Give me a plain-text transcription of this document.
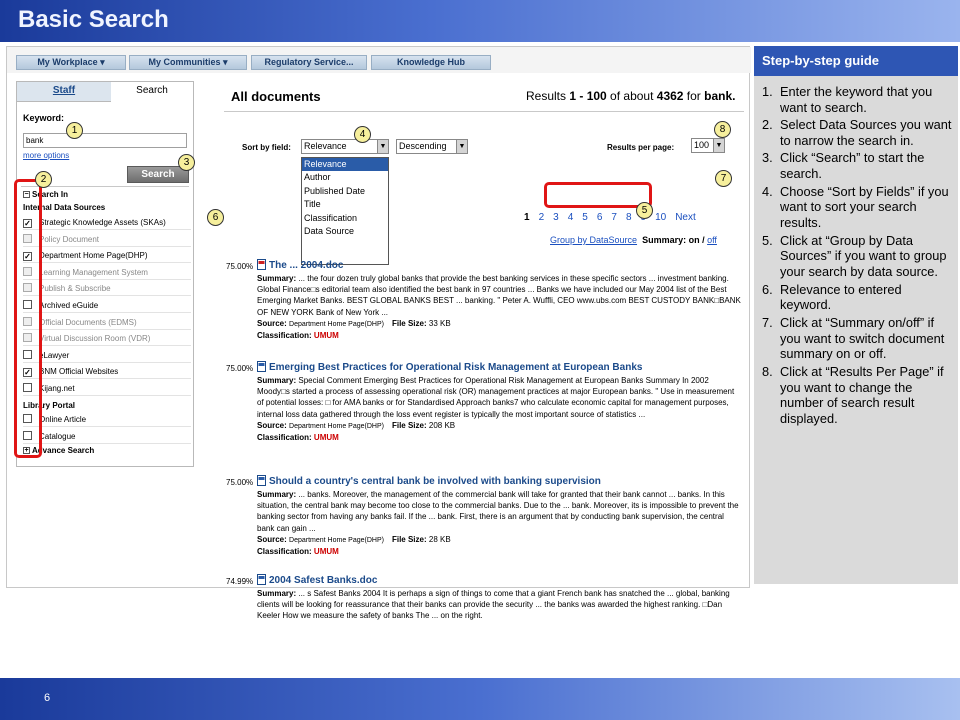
Basic Search
My Workplace ▾	My Communities ▾	Regulatory Service...	Knowledge Hub
Staff	Search
Keyword:
bank
more options
Search
− Search In
Internal Data Sources
✓ Strategic Knowledge Assets (SKAs)
Policy Document
✓ Department Home Page(DHP)
Learning Management System
Publish & Subscribe
Archived eGuide
Official Documents (EDMS)
Virtual Discussion Room (VDR)
eLawyer
✓ BNM Official Websites
Kijang.net
Library Portal
Online Article
Catalogue
+ Advance Search
All documents	Results 1 - 100 of about 4362 for bank.
Sort by field:	Relevance	▼	Descending	▼	Results per page:	100 ▼
Relevance
Author
Published Date
Title
Classification
Data Source
1 2 3 4 5 6 7 8 10 Next
Group by DataSource Summary: on / off
75.00%	The ... 2004.doc
Summary: ... the four dozen truly global banks that provide the best banking services in these specific sectors ... investment banking. Global Finance□s editorial team also identified the best bank in 97 countries ... Banks we have included our May 2004 list of the Best Emerging Market Banks. BEST GLOBAL BANKS BEST ... banking. " Peter A. Wuffli, CEO www.ubs.com BEST CUSTODY BANK□BANK OF NEW YORK Bank of New York ...
Source: Department Home Page(DHP) File Size: 33 KB
Classification: UMUM
75.00%	Emerging Best Practices for Operational Risk Management at European Banks
Summary: Special Comment Emerging Best Practices for Operational Risk Management at European Banks Summary In 2002 Moody□s started a process of assessing operational risk (OR) management practices at major European banks. " Use in measurement of potential losses: □ for AMA banks or for Standardised Approach banks7 who calculate economic capital for management purposes, internal loss data gathered through the loss event register is typically the most important source of statistics ...
Source: Department Home Page(DHP) File Size: 208 KB
Classification: UMUM
75.00%	Should a country's central bank be involved with banking supervision
Summary: ... banks. Moreover, the management of the commercial bank will take for granted that their bank cannot ... banks. In this situation, the central bank may become too close to the commercial banks. Due to the ... bank. Moreover, its is impossible to prevent the banking sector from having any banks fail. If the ... bank. First, there is an argument that by conducting bank supervision, the central bank can gain ...
Source: Department Home Page(DHP) File Size: 28 KB
Classification: UMUM
74.99%	2004 Safest Banks.doc
Summary: ... s Safest Banks 2004 It is perhaps a sign of things to come that a giant French bank has snatched the ... global, banking clients will be looking for reassurance that their banks can provide the security ... the banks was awarded the highest ranking. □Dan Keeler How we measure the safety of banks The ... on the right.
1
2
3
4
5
6
7
8
Step-by-step guide
1. Enter the keyword that you want to search.
2. Select Data Sources you want to narrow the search in.
3. Click “Search” to start the search.
4. Choose “Sort by Fields” if you want to sort your search results.
5. Click at “Group by Data Sources” if you want to group your search by data source.
6. Relevance to entered keyword.
7. Click at “Summary on/off” if you want to switch document summary on or off.
8. Click at “Results Per Page” if you want to change the number of search result displayed.
6
